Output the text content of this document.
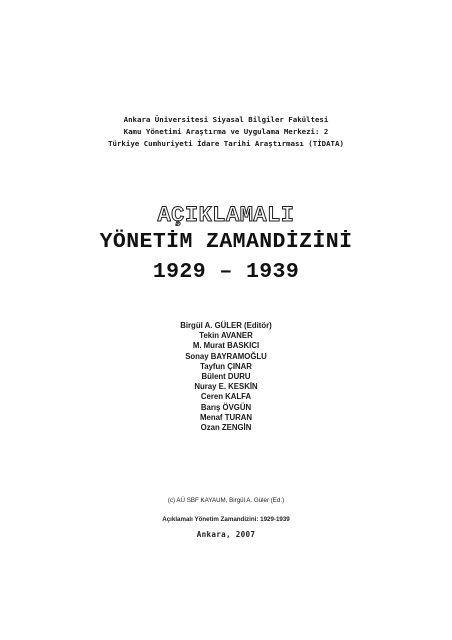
Ankara Üniversitesi Siyasal Bilgiler Fakültesi
Kamu Yönetimi Araştırma ve Uygulama Merkezi: 2
Türkiye Cumhuriyeti İdare Tarihi Araştırması (TİDATA)
AÇIKLAMALI
YÖNETİM ZAMANDİZİNİ
1929 – 1939
Birgül A. GÜLER (Editör)
Tekin AVANER
M. Murat BASKICI
Sonay BAYRAMOĞLU
Tayfun ÇINAR
Bülent DURU
Nuray E. KESKİN
Ceren KALFA
Barış ÖVGÜN
Menaf TURAN
Ozan ZENGİN
(c) AÜ SBF KAYAUM, Birgül A. Güler (Ed.)
Açıklamalı Yönetim Zamandizini: 1929-1939
Ankara, 2007
